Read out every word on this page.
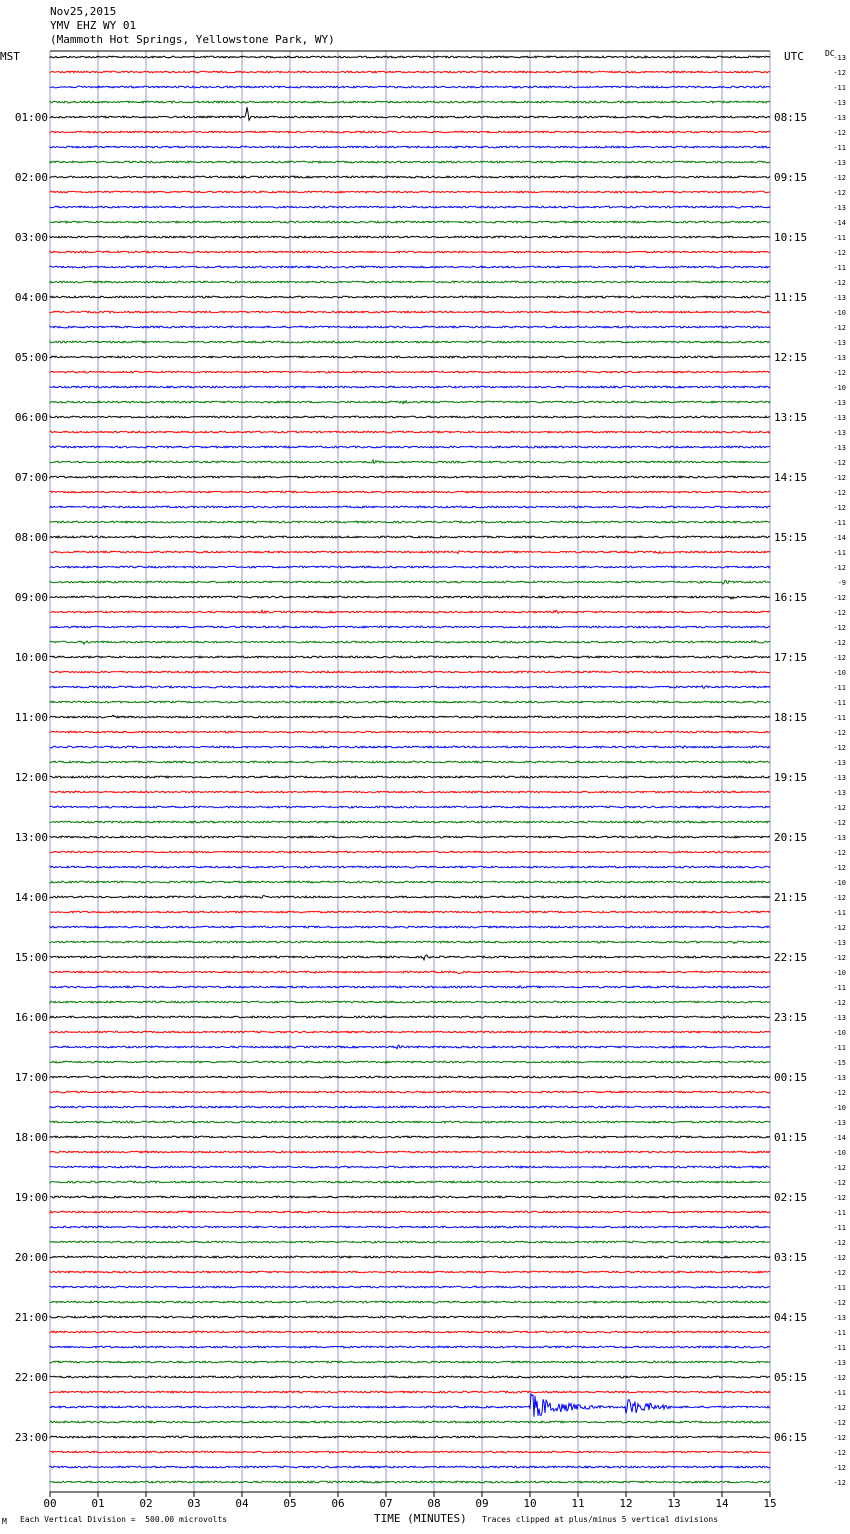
Nov25,2015
YMV EHZ WY 01
(Mammoth Hot Springs, Yellowstone Park, WY)
MST	UTC	DC
-13
-12
-11
-13
-13
-12
-11
-13
-12
-12
-13
-14
-11
-12
-11
-12
-13
-10
-12
-13
-13
-12
-10
-13
-13
-13
-13
-12
-12
-12
-12
-11
-14
-11
-12
-9
-12
-12
-12
-12
-12
-10
-11
-11
-11
-12
-12
-13
-13
-13
-12
-12
-13
-12
-12
-10
-12
-11
-12
-13
-12
-10
-11
-12
-13
-10
-11
-15
-13
-12
-10
-13
-14
-10
-12
-12
-12
-11
-11
-12
-12
-12
-11
-12
-13
-11
-11
-13
-12
-11
-12
-12
-12
-12
-12
-12
01:00
02:00
03:00
04:00
05:00
06:00
07:00
08:00
09:00
10:00
11:00
12:00
13:00
14:00
15:00
16:00
17:00
18:00
19:00
20:00
21:00
22:00
23:00
08:15
09:15
10:15
11:15
12:15
13:15
14:15
15:15
16:15
17:15
18:15
19:15
20:15
21:15
22:15
23:15
00:15
01:15
02:15
03:15
04:15
05:15
06:15
00	01	02	03	04	05	06	07	08	09	10	11	12	13	14	15
M Each Vertical Division =  500.00 microvolts	TIME (MINUTES) Traces clipped at plus/minus 5 vertical divisions
